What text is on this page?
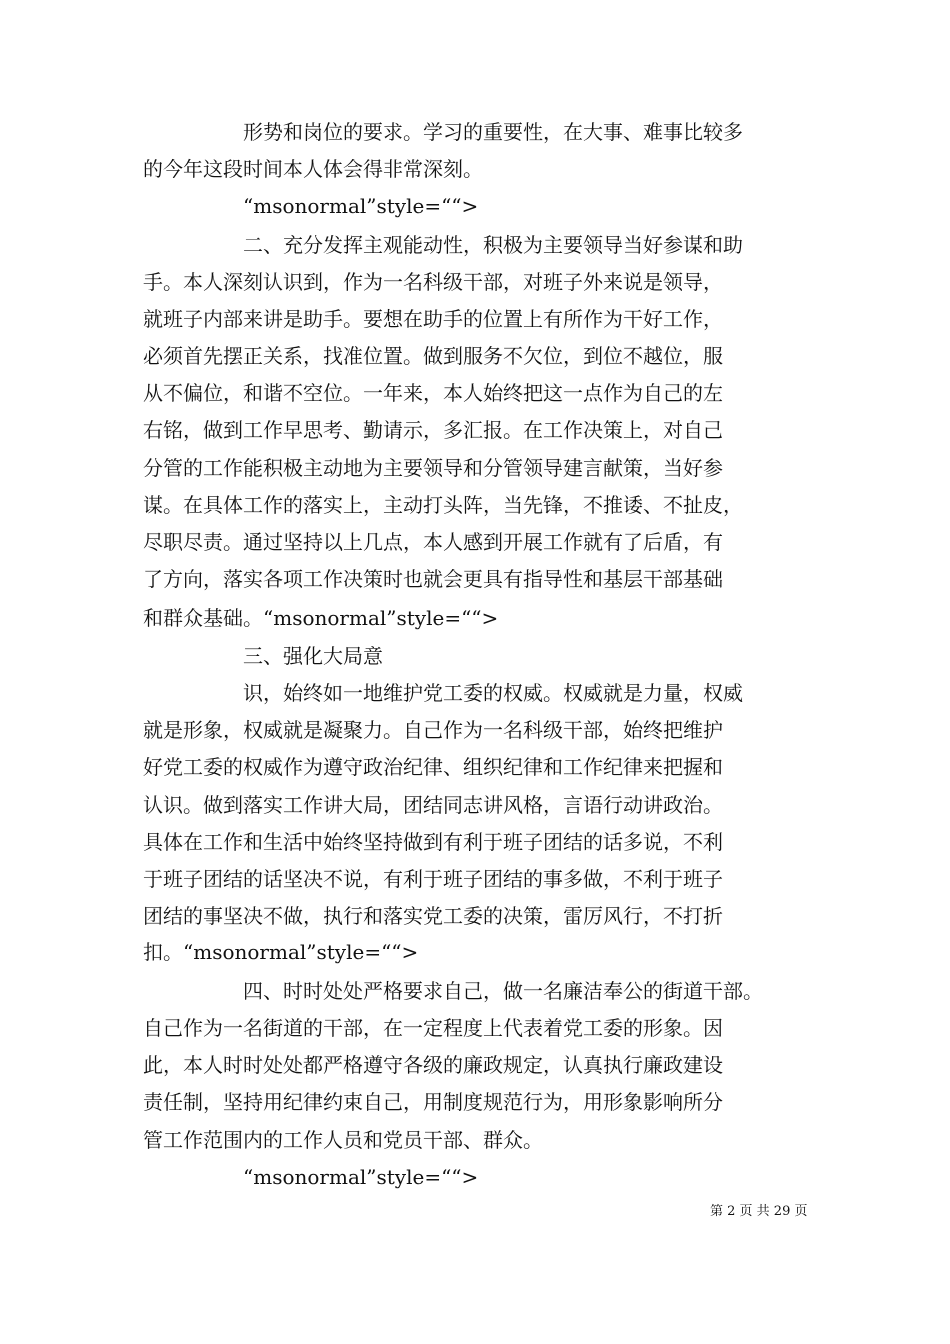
形势和岗位的要求。学习的重要性，在大事、难事比较多
的今年这段时间本人体会得非常深刻。
“msonormal”style=““>
二、充分发挥主观能动性，积极为主要领导当好参谋和助
手。本人深刻认识到，作为一名科级干部，对班子外来说是领导，
就班子内部来讲是助手。要想在助手的位置上有所作为干好工作，
必须首先摆正关系，找准位置。做到服务不欠位，到位不越位，服
从不偏位，和谐不空位。一年来，本人始终把这一点作为自己的左
右铭，做到工作早思考、勤请示，多汇报。在工作决策上，对自己
分管的工作能积极主动地为主要领导和分管领导建言献策，当好参
谋。在具体工作的落实上，主动打头阵，当先锋，不推诿、不扯皮，
尽职尽责。通过坚持以上几点，本人感到开展工作就有了后盾，有
了方向，落实各项工作决策时也就会更具有指导性和基层干部基础
和群众基础。“msonormal”style=““>
三、强化大局意
识，始终如一地维护党工委的权威。权威就是力量，权威
就是形象，权威就是凝聚力。自己作为一名科级干部，始终把维护
好党工委的权威作为遵守政治纪律、组织纪律和工作纪律来把握和
认识。做到落实工作讲大局，团结同志讲风格，言语行动讲政治。
具体在工作和生活中始终坚持做到有利于班子团结的话多说，不利
于班子团结的话坚决不说，有利于班子团结的事多做，不利于班子
团结的事坚决不做，执行和落实党工委的决策，雷厉风行，不打折
扣。“msonormal”style=““>
四、时时处处严格要求自己，做一名廉洁奉公的街道干部。
自己作为一名街道的干部，在一定程度上代表着党工委的形象。因
此，本人时时处处都严格遵守各级的廉政规定，认真执行廉政建设
责任制，坚持用纪律约束自己，用制度规范行为，用形象影响所分
管工作范围内的工作人员和党员干部、群众。
“msonormal”style=““>
第 2 页 共 29 页
